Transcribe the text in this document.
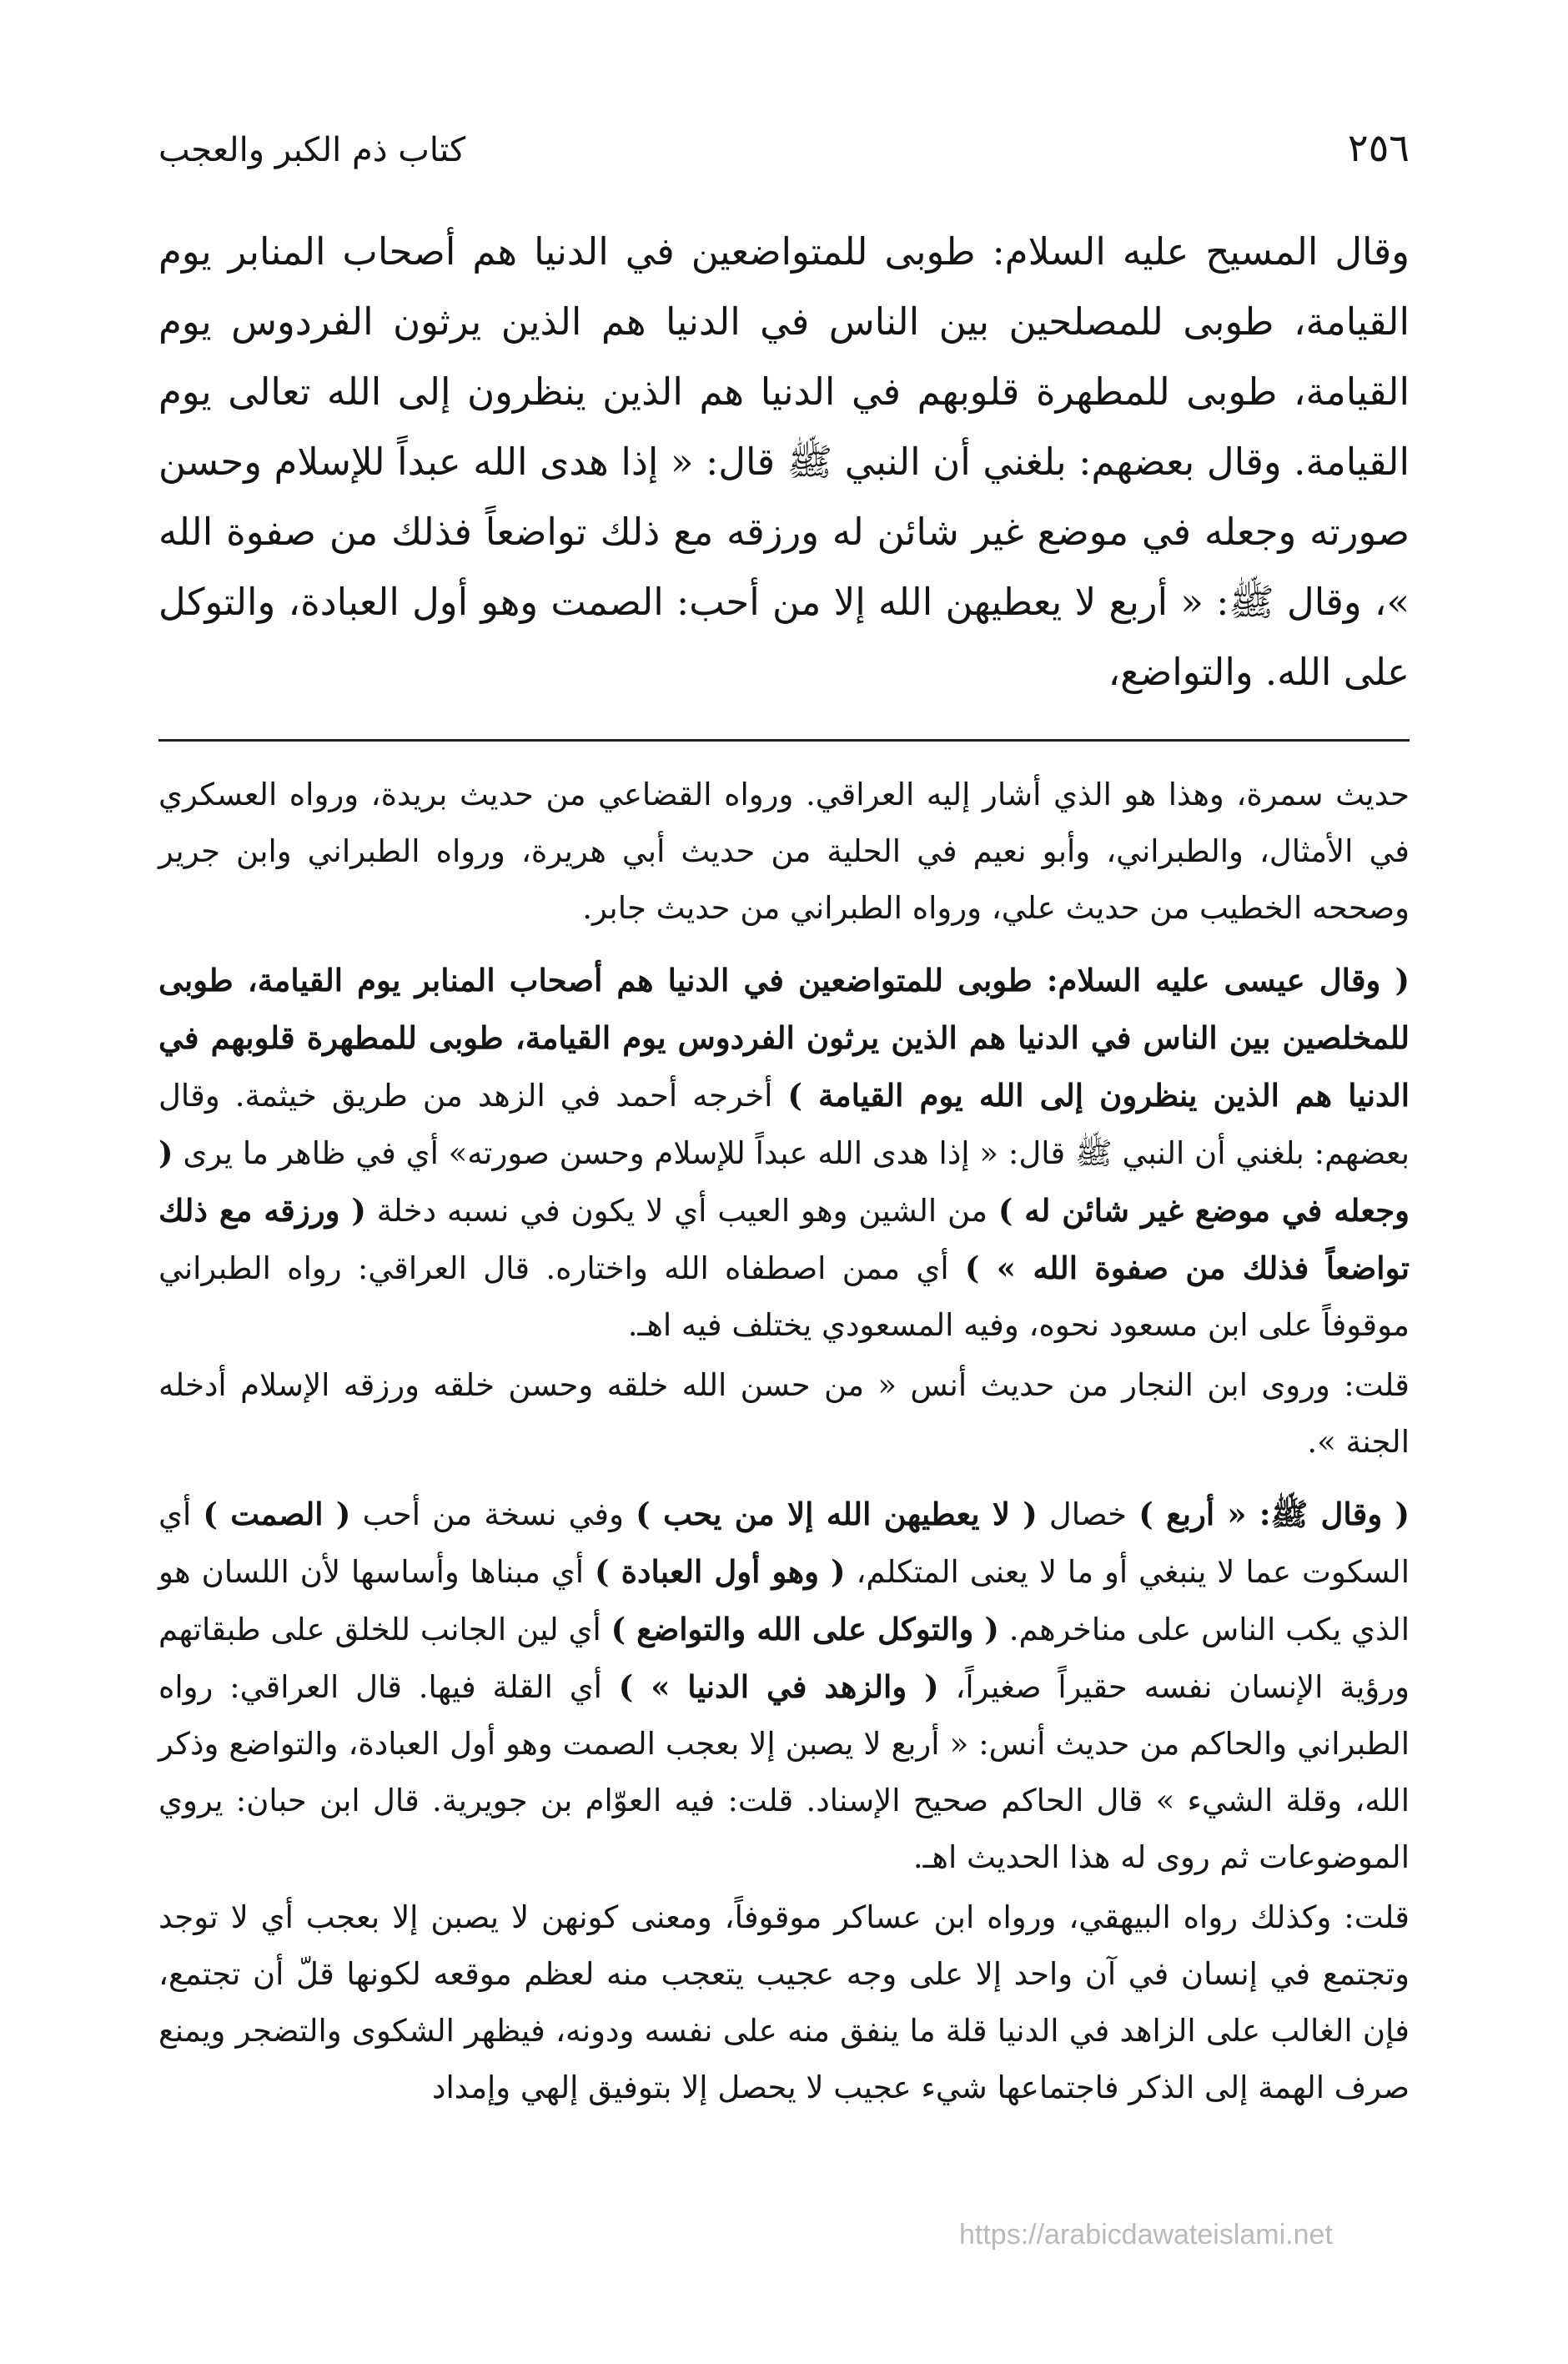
٢٥٦
كتاب ذم الكبر والعجب

وقال المسيح عليه السلام: طوبى للمتواضعين في الدنيا هم أصحاب المنابر يوم القيامة، طوبى للمصلحين بين الناس في الدنيا هم الذين يرثون الفردوس يوم القيامة، طوبى للمطهرة قلوبهم في الدنيا هم الذين ينظرون إلى الله تعالى يوم القيامة. وقال بعضهم: بلغني أن النبي ﷺ قال: « إذا هدى الله عبداً للإسلام وحسن صورته وجعله في موضع غير شائن له ورزقه مع ذلك تواضعاً فذلك من صفوة الله »، وقال ﷺ: « أربع لا يعطيهن الله إلا من أحب: الصمت وهو أول العبادة، والتوكل على الله. والتواضع،

حديث سمرة، وهذا هو الذي أشار إليه العراقي. ورواه القضاعي من حديث بريدة، ورواه العسكري في الأمثال، والطبراني، وأبو نعيم في الحلية من حديث أبي هريرة، ورواه الطبراني وابن جرير وصححه الخطيب من حديث علي، ورواه الطبراني من حديث جابر.

( وقال عيسى عليه السلام: طوبى للمتواضعين في الدنيا هم أصحاب المنابر يوم القيامة، طوبى للمخلصين بين الناس في الدنيا هم الذين يرثون الفردوس يوم القيامة، طوبى للمطهرة قلوبهم في الدنيا هم الذين ينظرون إلى الله يوم القيامة ) أخرجه أحمد في الزهد من طريق خيثمة. وقال بعضهم: بلغني أن النبي ﷺ قال: « إذا هدى الله عبداً للإسلام وحسن صورته» أي في ظاهر ما يرى ( وجعله في موضع غير شائن له ) من الشين وهو العيب أي لا يكون في نسبه دخلة ( ورزقه مع ذلك تواضعاً فذلك من صفوة الله » ) أي ممن اصطفاه الله واختاره. قال العراقي: رواه الطبراني موقوفاً على ابن مسعود نحوه، وفيه المسعودي يختلف فيه اهـ.

قلت: وروى ابن النجار من حديث أنس « من حسن الله خلقه وحسن خلقه ورزقه الإسلام أدخله الجنة ».

( وقال ﷺ: « أربع ) خصال ( لا يعطيهن الله إلا من يحب ) وفي نسخة من أحب ( الصمت ) أي السكوت عما لا ينبغي أو ما لا يعنى المتكلم، ( وهو أول العبادة ) أي مبناها وأساسها لأن اللسان هو الذي يكب الناس على مناخرهم. ( والتوكل على الله والتواضع ) أي لين الجانب للخلق على طبقاتهم ورؤية الإنسان نفسه حقيراً صغيراً، ( والزهد في الدنيا » ) أي القلة فيها. قال العراقي: رواه الطبراني والحاكم من حديث أنس: « أربع لا يصبن إلا بعجب الصمت وهو أول العبادة، والتواضع وذكر الله، وقلة الشيء » قال الحاكم صحيح الإسناد. قلت: فيه العوّام بن جويرية. قال ابن حبان: يروي الموضوعات ثم روى له هذا الحديث اهـ.

قلت: وكذلك رواه البيهقي، ورواه ابن عساكر موقوفاً، ومعنى كونهن لا يصبن إلا بعجب أي لا توجد وتجتمع في إنسان في آن واحد إلا على وجه عجيب يتعجب منه لعظم موقعه لكونها قلّ أن تجتمع، فإن الغالب على الزاهد في الدنيا قلة ما ينفق منه على نفسه ودونه، فيظهر الشكوى والتضجر ويمنع صرف الهمة إلى الذكر فاجتماعها شيء عجيب لا يحصل إلا بتوفيق إلهي وإمداد

https://arabicdawateislami.net
